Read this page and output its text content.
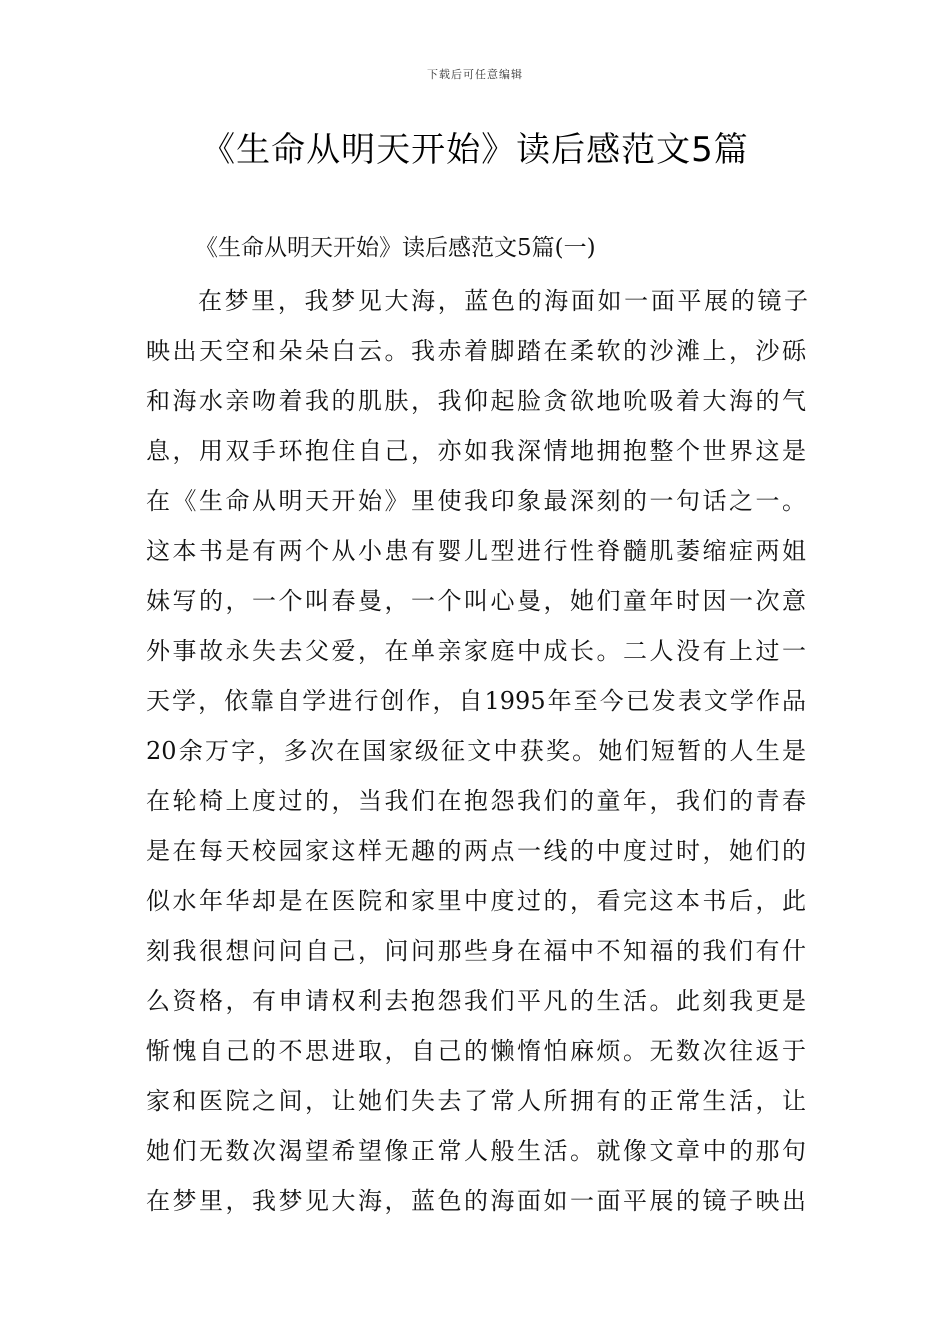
下载后可任意编辑
《生命从明天开始》读后感范文5篇
《生命从明天开始》读后感范文5篇(一)
在梦里，我梦见大海，蓝色的海面如一面平展的镜子
映出天空和朵朵白云。我赤着脚踏在柔软的沙滩上，沙砾
和海水亲吻着我的肌肤，我仰起脸贪欲地吮吸着大海的气
息，用双手环抱住自己，亦如我深情地拥抱整个世界这是
在《生命从明天开始》里使我印象最深刻的一句话之一。
这本书是有两个从小患有婴儿型进行性脊髓肌萎缩症两姐
妹写的，一个叫春曼，一个叫心曼，她们童年时因一次意
外事故永失去父爱，在单亲家庭中成长。二人没有上过一
天学，依靠自学进行创作，自1995年至今已发表文学作品
20余万字，多次在国家级征文中获奖。她们短暂的人生是
在轮椅上度过的，当我们在抱怨我们的童年，我们的青春
是在每天校园家这样无趣的两点一线的中度过时，她们的
似水年华却是在医院和家里中度过的，看完这本书后，此
刻我很想问问自己，问问那些身在福中不知福的我们有什
么资格，有申请权利去抱怨我们平凡的生活。此刻我更是
惭愧自己的不思进取，自己的懒惰怕麻烦。无数次往返于
家和医院之间，让她们失去了常人所拥有的正常生活，让
她们无数次渴望希望像正常人般生活。就像文章中的那句
在梦里，我梦见大海，蓝色的海面如一面平展的镜子映出
